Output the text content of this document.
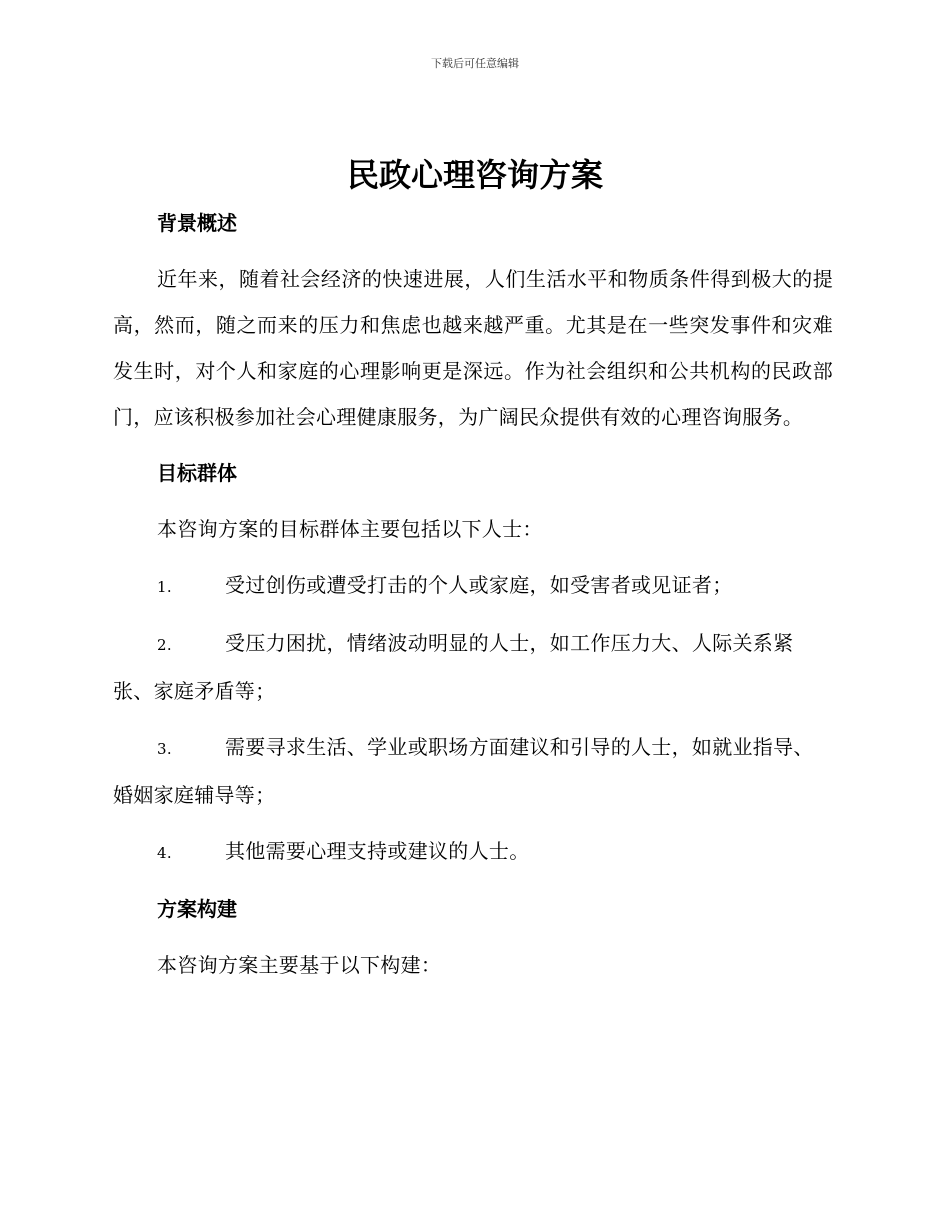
下载后可任意编辑
民政心理咨询方案
背景概述

近年来，随着社会经济的快速进展，人们生活水平和物质条件得到极大的提高，然而，随之而来的压力和焦虑也越来越严重。尤其是在一些突发事件和灾难发生时，对个人和家庭的心理影响更是深远。作为社会组织和公共机构的民政部门，应该积极参加社会心理健康服务，为广阔民众提供有效的心理咨询服务。

目标群体

本咨询方案的目标群体主要包括以下人士：

1.	受过创伤或遭受打击的个人或家庭，如受害者或见证者；

2.	受压力困扰，情绪波动明显的人士，如工作压力大、人际关系紧张、家庭矛盾等；

3.	需要寻求生活、学业或职场方面建议和引导的人士，如就业指导、婚姻家庭辅导等；

4.	其他需要心理支持或建议的人士。

方案构建

本咨询方案主要基于以下构建：
